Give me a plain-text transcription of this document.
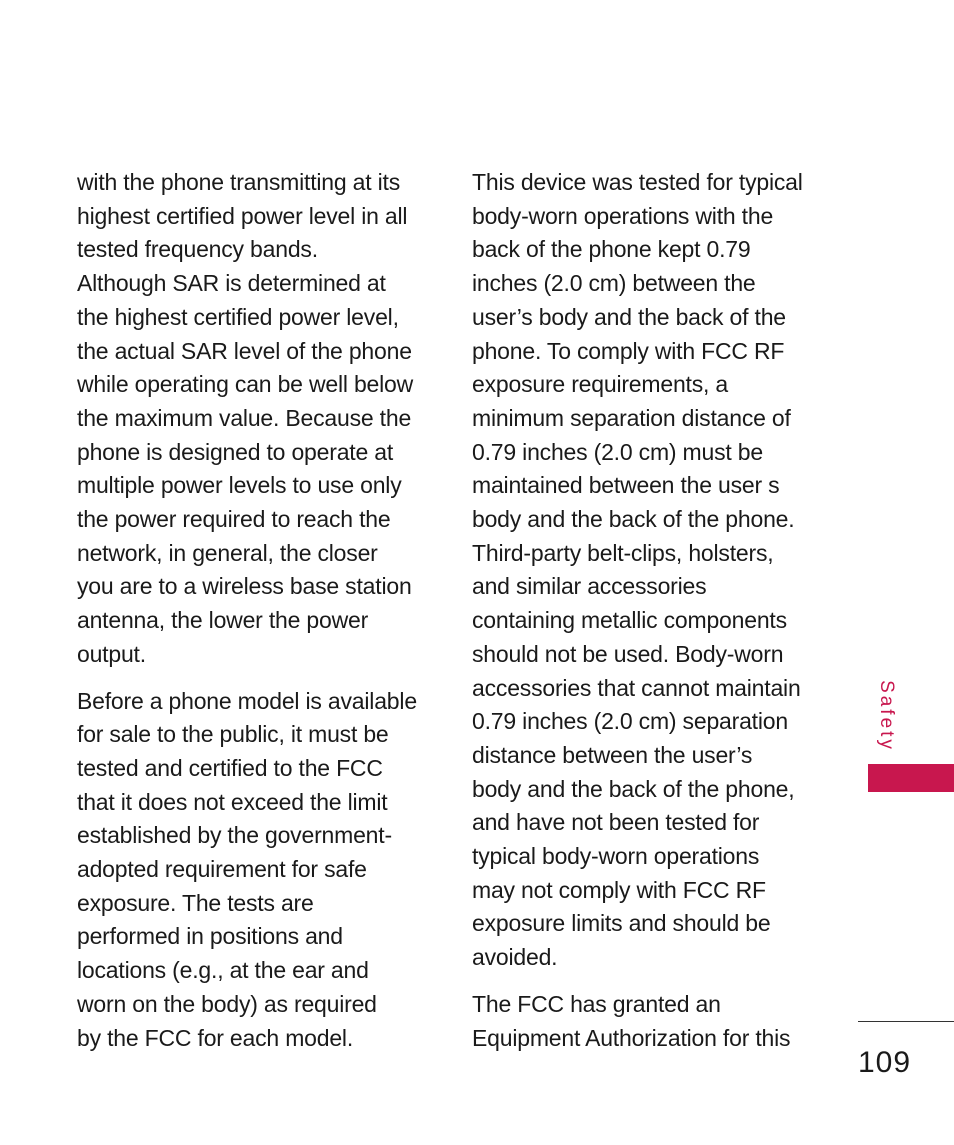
with the phone transmitting at its
highest certified power level in all
tested frequency bands.
Although SAR is determined at
the highest certified power level,
the actual SAR level of the phone
while operating can be well below
the maximum value. Because the
phone is designed to operate at
multiple power levels to use only
the power required to reach the
network, in general, the closer
you are to a wireless base station
antenna, the lower the power
output.
Before a phone model is available
for sale to the public, it must be
tested and certified to the FCC
that it does not exceed the limit
established by the government-
adopted requirement for safe
exposure. The tests are
performed in positions and
locations (e.g., at the ear and
worn on the body) as required
by the FCC for each model.
This device was tested for typical
body-worn operations with the
back of the phone kept 0.79
inches (2.0 cm) between the
user’s body and the back of the
phone. To comply with FCC RF
exposure requirements, a
minimum separation distance of
0.79 inches (2.0 cm) must be
maintained between the user s
body and the back of the phone.
Third-party belt-clips, holsters,
and similar accessories
containing metallic components
should not be used. Body-worn
accessories that cannot maintain
0.79 inches (2.0 cm) separation
distance between the user’s
body and the back of the phone,
and have not been tested for
typical body-worn operations
may not comply with FCC RF
exposure limits and should be
avoided.
The FCC has granted an
Equipment Authorization for this
Safety
109
